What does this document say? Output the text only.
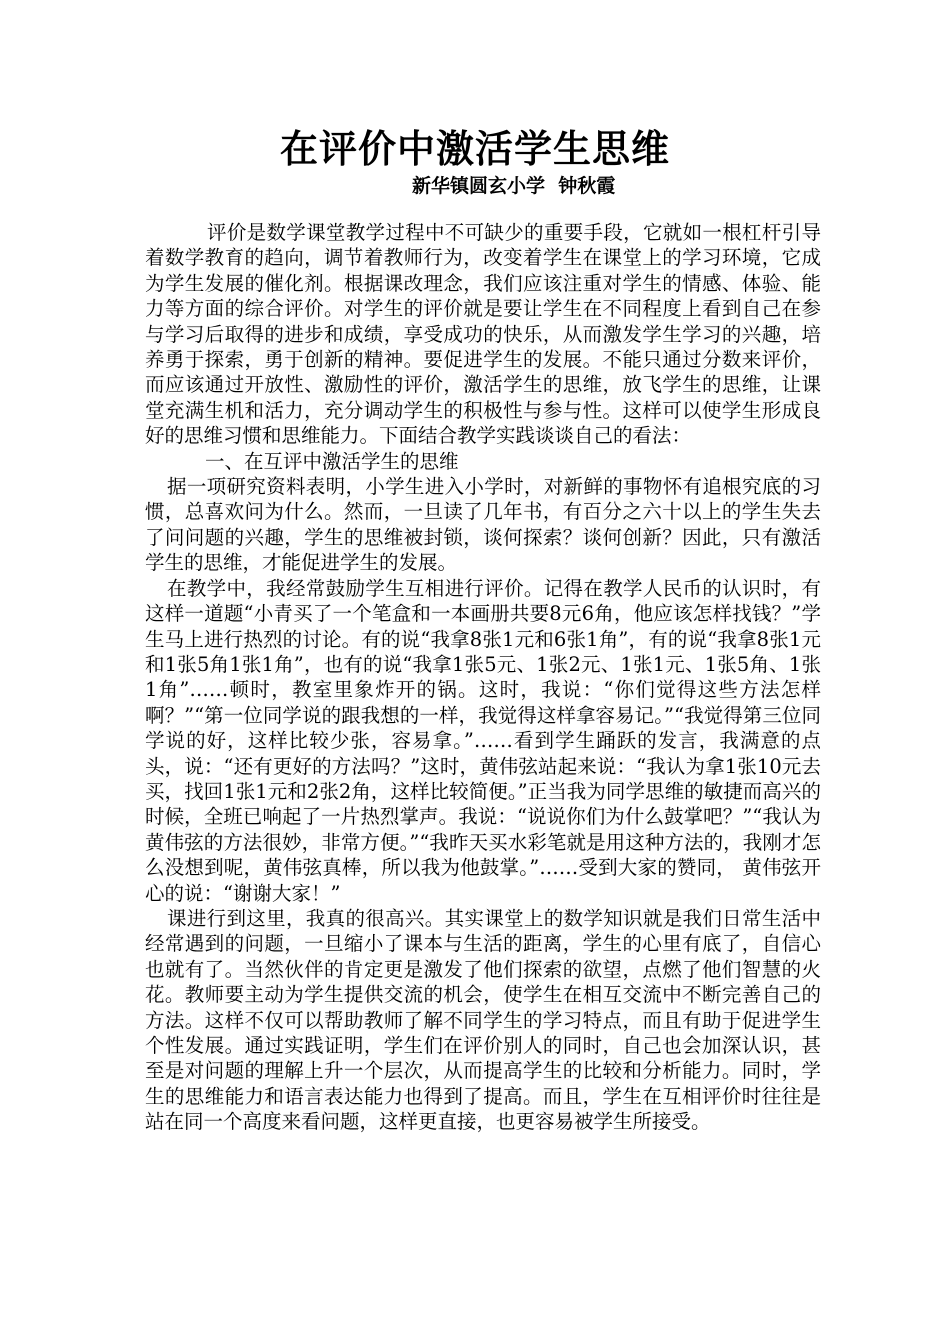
在评价中激活学生思维
新华镇圆玄小学  钟秋霞

评价是数学课堂教学过程中不可缺少的重要手段，它就如一根杠杆引导着数学教育的趋向，调节着教师行为，改变着学生在课堂上的学习环境，它成为学生发展的催化剂。根据课改理念，我们应该注重对学生的情感、体验、能力等方面的综合评价。对学生的评价就是要让学生在不同程度上看到自己在参与学习后取得的进步和成绩，享受成功的快乐，从而激发学生学习的兴趣，培养勇于探索，勇于创新的精神。要促进学生的发展。不能只通过分数来评价，而应该通过开放性、激励性的评价，激活学生的思维，放飞学生的思维，让课堂充满生机和活力，充分调动学生的积极性与参与性。这样可以使学生形成良好的思维习惯和思维能力。下面结合教学实践谈谈自己的看法：

一、在互评中激活学生的思维

据一项研究资料表明，小学生进入小学时，对新鲜的事物怀有追根究底的习惯，总喜欢问为什么。然而，一旦读了几年书，有百分之六十以上的学生失去了问问题的兴趣，学生的思维被封锁，谈何探索？谈何创新？因此，只有激活学生的思维，才能促进学生的发展。

在教学中，我经常鼓励学生互相进行评价。记得在教学人民币的认识时，有这样一道题“小青买了一个笔盒和一本画册共要8元6角，他应该怎样找钱？”学生马上进行热烈的讨论。有的说“我拿8张1元和6张1角”，有的说“我拿8张1元和1张5角1张1角”，也有的说“我拿1张5元、1张2元、1张1元、1张5角、1张1角”……顿时，教室里象炸开的锅。这时，我说：“你们觉得这些方法怎样啊？”“第一位同学说的跟我想的一样，我觉得这样拿容易记。”“我觉得第三位同学说的好，这样比较少张，容易拿。”……看到学生踊跃的发言，我满意的点头，说：“还有更好的方法吗？”这时，黄伟弦站起来说：“我认为拿1张10元去买，找回1张1元和2张2角，这样比较简便。”正当我为同学思维的敏捷而高兴的时候，全班已响起了一片热烈掌声。我说：“说说你们为什么鼓掌吧？”“我认为黄伟弦的方法很妙，非常方便。”“我昨天买水彩笔就是用这种方法的，我刚才怎么没想到呢，黄伟弦真棒，所以我为他鼓掌。”……受到大家的赞同， 黄伟弦开心的说：“谢谢大家！”

课进行到这里，我真的很高兴。其实课堂上的数学知识就是我们日常生活中经常遇到的问题，一旦缩小了课本与生活的距离，学生的心里有底了，自信心也就有了。当然伙伴的肯定更是激发了他们探索的欲望，点燃了他们智慧的火花。教师要主动为学生提供交流的机会，使学生在相互交流中不断完善自己的方法。这样不仅可以帮助教师了解不同学生的学习特点，而且有助于促进学生个性发展。通过实践证明，学生们在评价别人的同时，自己也会加深认识，甚至是对问题的理解上升一个层次，从而提高学生的比较和分析能力。同时，学生的思维能力和语言表达能力也得到了提高。而且，学生在互相评价时往往是站在同一个高度来看问题，这样更直接，也更容易被学生所接受。
